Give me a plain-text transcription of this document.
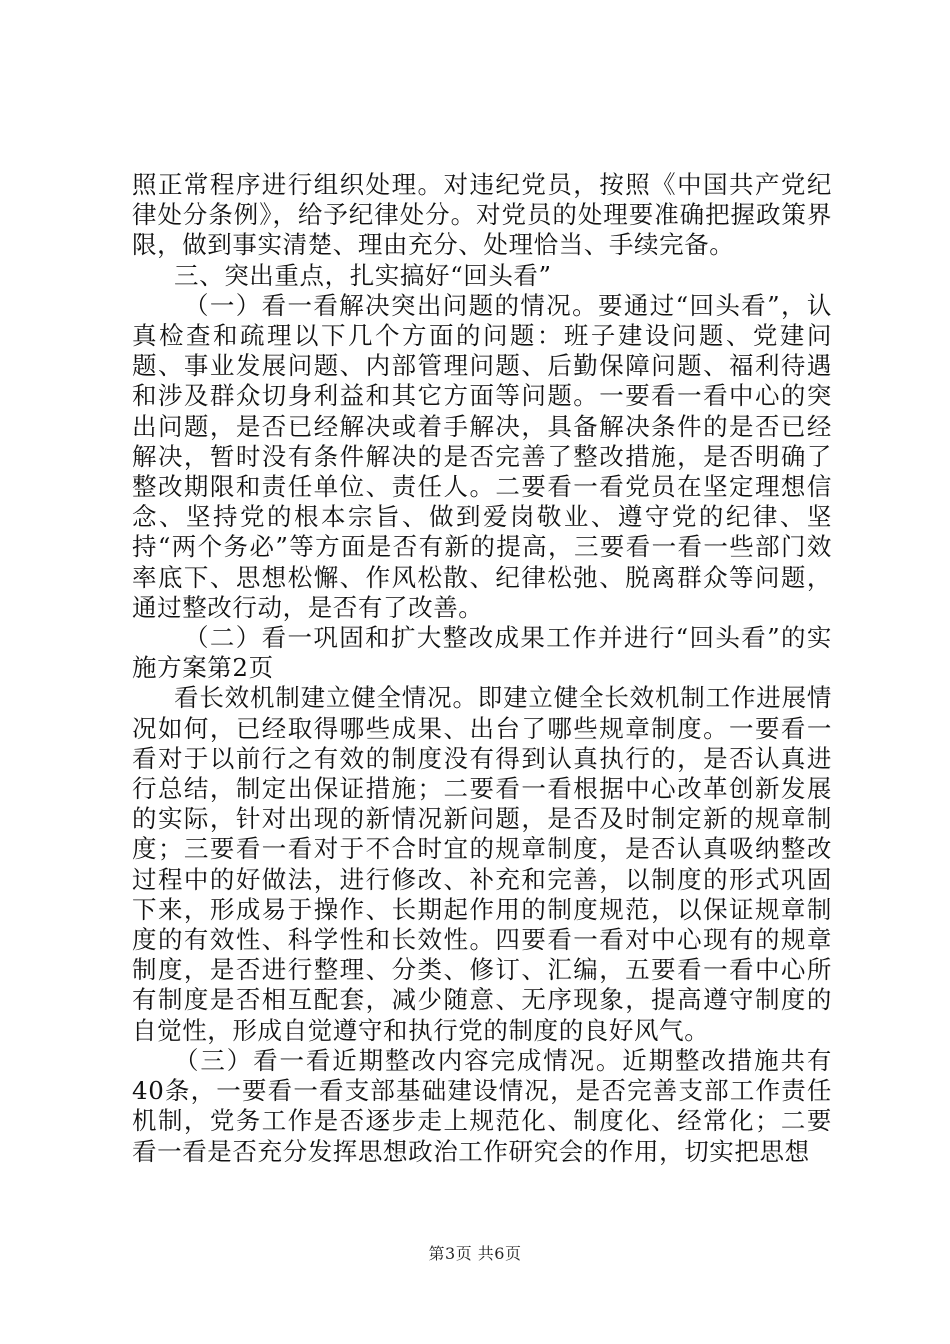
照正常程序进行组织处理。对违纪党员，按照《中国共产党纪律处分条例》，给予纪律处分。对党员的处理要准确把握政策界限，做到事实清楚、理由充分、处理恰当、手续完备。

三、突出重点，扎实搞好“回头看”

（一）看一看解决突出问题的情况。要通过“回头看”，认真检查和疏理以下几个方面的问题：班子建设问题、党建问题、事业发展问题、内部管理问题、后勤保障问题、福利待遇和涉及群众切身利益和其它方面等问题。一要看一看中心的突出问题，是否已经解决或着手解决，具备解决条件的是否已经解决，暂时没有条件解决的是否完善了整改措施，是否明确了整改期限和责任单位、责任人。二要看一看党员在坚定理想信念、坚持党的根本宗旨、做到爱岗敬业、遵守党的纪律、坚持“两个务必”等方面是否有新的提高，三要看一看一些部门效率底下、思想松懈、作风松散、纪律松弛、脱离群众等问题，通过整改行动，是否有了改善。

（二）看一巩固和扩大整改成果工作并进行“回头看”的实施方案第2页

看长效机制建立健全情况。即建立健全长效机制工作进展情况如何，已经取得哪些成果、出台了哪些规章制度。一要看一看对于以前行之有效的制度没有得到认真执行的，是否认真进行总结，制定出保证措施；二要看一看根据中心改革创新发展的实际，针对出现的新情况新问题，是否及时制定新的规章制度；三要看一看对于不合时宜的规章制度，是否认真吸纳整改过程中的好做法，进行修改、补充和完善，以制度的形式巩固下来，形成易于操作、长期起作用的制度规范，以保证规章制度的有效性、科学性和长效性。四要看一看对中心现有的规章制度，是否进行整理、分类、修订、汇编，五要看一看中心所有制度是否相互配套，减少随意、无序现象，提高遵守制度的自觉性，形成自觉遵守和执行党的制度的良好风气。

（三）看一看近期整改内容完成情况。近期整改措施共有40条，一要看一看支部基础建设情况，是否完善支部工作责任机制，党务工作是否逐步走上规范化、制度化、经常化；二要看一看是否充分发挥思想政治工作研究会的作用，切实把思想

第3页 共6页
